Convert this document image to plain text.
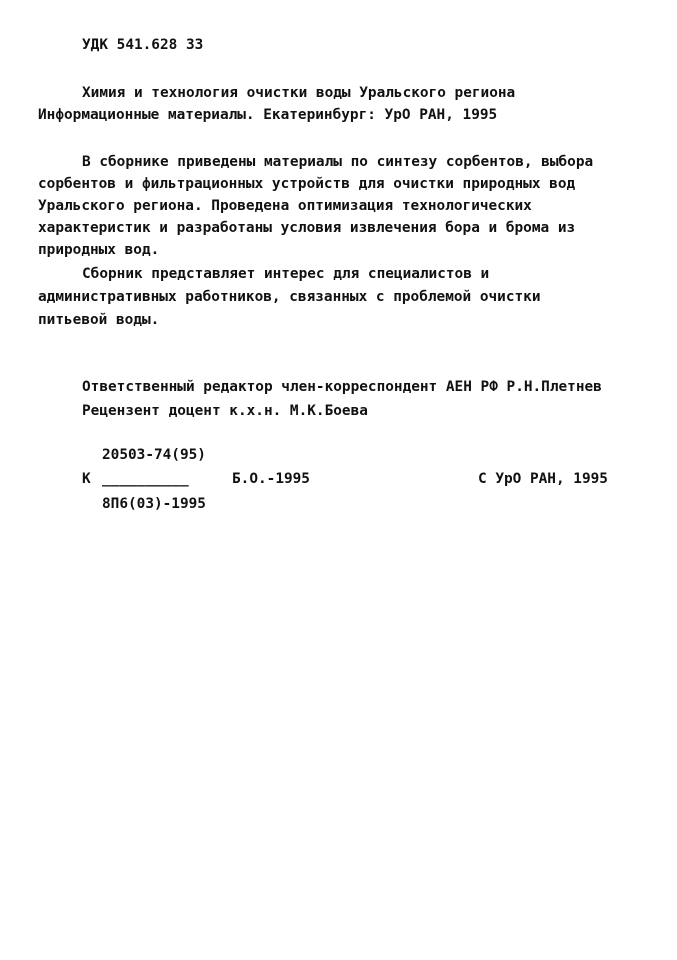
УДК 541.628 33
Химия и технология очистки воды Уральского региона
Информационные материалы. Екатеринбург: УрО РАН, 1995
В сборнике приведены материалы по синтезу сорбентов, выбора
сорбентов и фильтрационных устройств для очистки природных вод
Уральского региона. Проведена оптимизация технологических
характеристик и разработаны условия извлечения бора и брома из
природных вод.
Сборник представляет интерес для специалистов и
административных работников, связанных с проблемой очистки
питьевой воды.
Ответственный редактор член-корреспондент АЕН РФ Р.Н.Плетнев
Рецензент доцент к.х.н. М.К.Боева
20503-74(95)
К __________	Б.О.-1995	С УрО РАН, 1995
8П6(03)-1995
